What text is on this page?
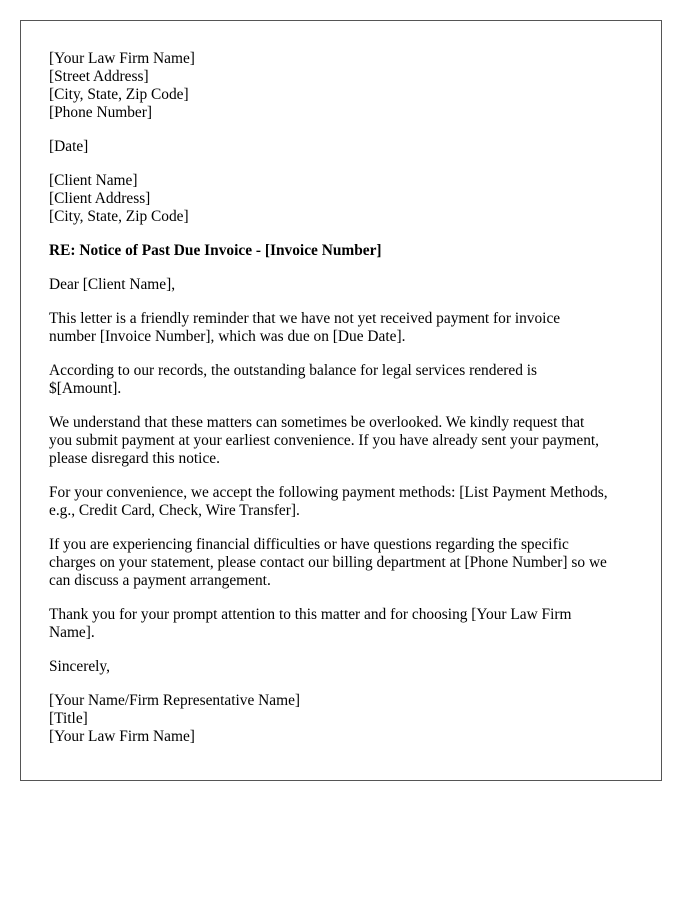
[Your Law Firm Name]
[Street Address]
[City, State, Zip Code]
[Phone Number]
[Date]
[Client Name]
[Client Address]
[City, State, Zip Code]

RE: Notice of Past Due Invoice - [Invoice Number]

Dear [Client Name],

This letter is a friendly reminder that we have not yet received payment for invoice
number [Invoice Number], which was due on [Due Date].

According to our records, the outstanding balance for legal services rendered is
$[Amount].

We understand that these matters can sometimes be overlooked. We kindly request that
you submit payment at your earliest convenience. If you have already sent your payment,
please disregard this notice.

For your convenience, we accept the following payment methods: [List Payment Methods,
e.g., Credit Card, Check, Wire Transfer].

If you are experiencing financial difficulties or have questions regarding the specific
charges on your statement, please contact our billing department at [Phone Number] so we
can discuss a payment arrangement.

Thank you for your prompt attention to this matter and for choosing [Your Law Firm
Name].

Sincerely,

[Your Name/Firm Representative Name]
[Title]
[Your Law Firm Name]
